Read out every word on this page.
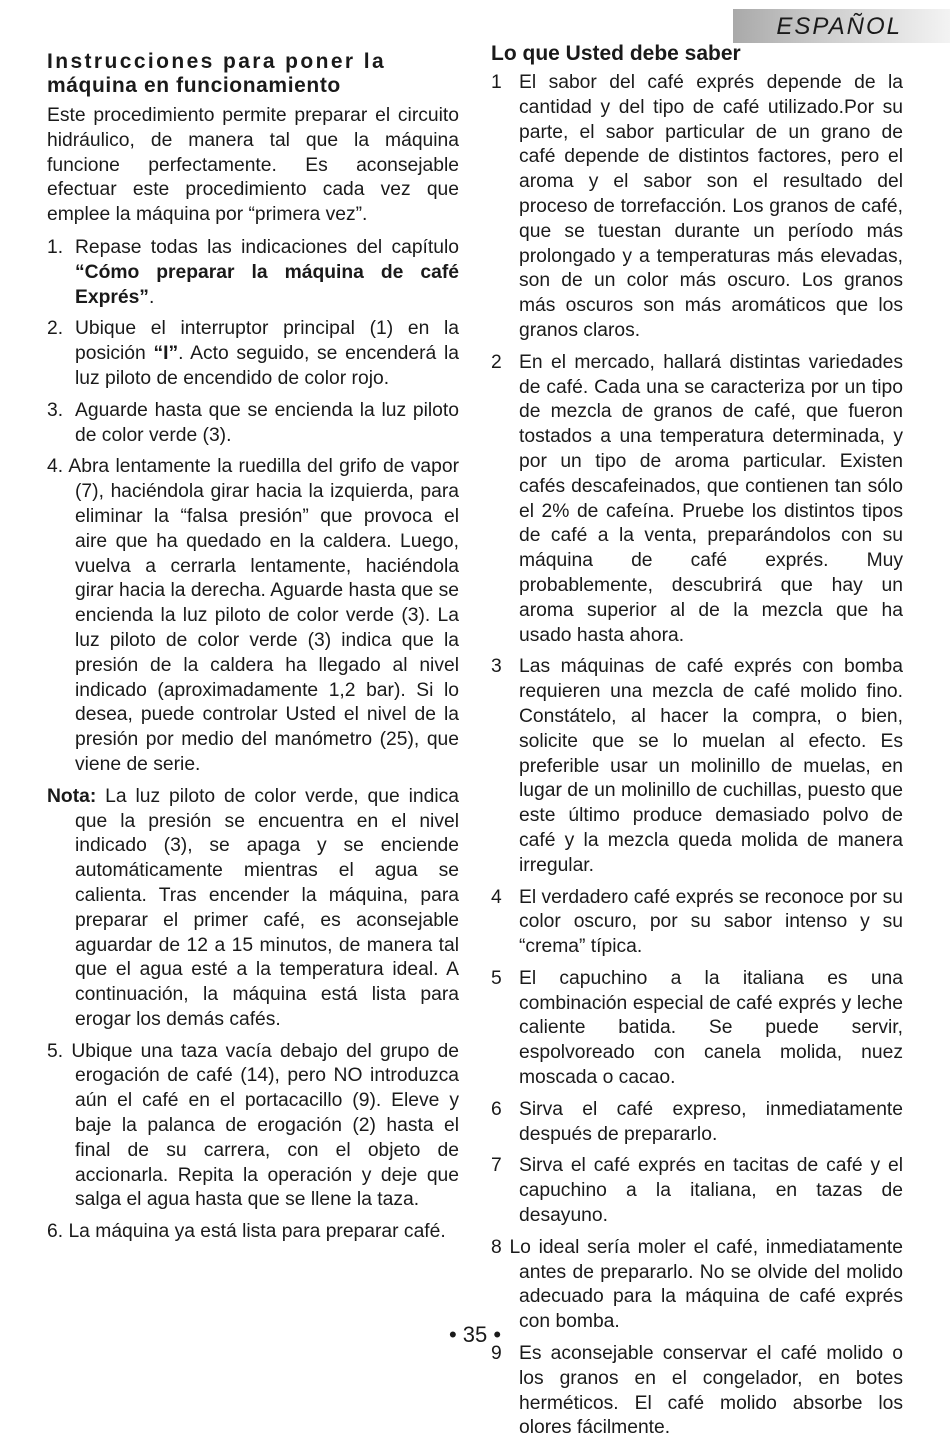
ESPAÑOL
Instrucciones para poner la
máquina en funcionamiento
Este procedimiento permite preparar el circuito hidráulico, de manera tal que la máquina funcione perfectamente. Es aconsejable efectuar este procedimiento cada vez que emplee la máquina por “primera vez”.
1. Repase todas las indicaciones del capítulo “Cómo preparar la máquina de café Exprés”.
2. Ubique el interruptor principal (1) en la posición “I”. Acto seguido, se encenderá la luz piloto de encendido de color rojo.
3. Aguarde hasta que se encienda la luz piloto de color verde (3).
4. Abra lentamente la ruedilla del grifo de vapor (7), haciéndola girar hacia la izquierda, para eliminar la “falsa presión” que provoca el aire que ha quedado en la caldera. Luego, vuelva a cerrarla lentamente, haciéndola girar hacia la derecha. Aguarde hasta que se encienda la luz piloto de color verde (3). La luz piloto de color verde (3) indica que la presión de la caldera ha llegado al nivel indicado (aproximadamente 1,2 bar). Si lo desea, puede controlar Usted el nivel de la presión por medio del manómetro (25), que viene de serie.
Nota: La luz piloto de color verde, que indica que la presión se encuentra en el nivel indicado (3), se apaga y se enciende automáticamente mientras el agua se calienta. Tras encender la máquina, para preparar el primer café, es aconsejable aguardar de 12 a 15 minutos, de manera tal que el agua esté a la temperatura ideal. A continuación, la máquina está lista para erogar los demás cafés.
5. Ubique una taza vacía debajo del grupo de erogación de café (14), pero NO introduzca aún el café en el portacacillo (9). Eleve y baje la palanca de erogación (2) hasta el final de su carrera, con el objeto de accionarla. Repita la operación y deje que salga el agua hasta que se llene la taza.
6. La máquina ya está lista para preparar café.
Lo que Usted debe saber
1 El sabor del café exprés depende de la cantidad y del tipo de café utilizado.Por su parte, el sabor particular de un grano de café depende de distintos factores, pero el aroma y el sabor son el resultado del proceso de torrefacción. Los granos de café, que se tuestan durante un período más prolongado y a temperaturas más elevadas, son de un color más oscuro. Los granos más oscuros son más aromáticos que los granos claros.
2 En el mercado, hallará distintas variedades de café. Cada una se caracteriza por un tipo de mezcla de granos de café, que fueron tostados a una temperatura determinada, y por un tipo de aroma particular. Existen cafés descafeinados, que contienen tan sólo el 2% de cafeína. Pruebe los distintos tipos de café a la venta, preparándolos con su máquina de café exprés. Muy probablemente, descubrirá que hay un aroma superior al de la mezcla que ha usado hasta ahora.
3 Las máquinas de café exprés con bomba requieren una mezcla de café molido fino. Constátelo, al hacer la compra, o bien, solicite que se lo muelan al efecto. Es preferible usar un molinillo de muelas, en lugar de un molinillo de cuchillas, puesto que este último produce demasiado polvo de café y la mezcla queda molida de manera irregular.
4 El verdadero café exprés se reconoce por su color oscuro, por su sabor intenso y su “crema” típica.
5 El capuchino a la italiana es una combinación especial de café exprés y leche caliente batida. Se puede servir, espolvoreado con canela molida, nuez moscada o cacao.
6 Sirva el café expreso, inmediatamente después de prepararlo.
7 Sirva el café exprés en tacitas de café y el capuchino a la italiana, en tazas de desayuno.
8 Lo ideal sería moler el café, inmediatamente antes de prepararlo. No se olvide del molido adecuado para la máquina de café exprés con bomba.
9 Es aconsejable conservar el café molido o los granos en el congelador, en botes herméticos. El café molido absorbe los olores fácilmente.
• 35 •
